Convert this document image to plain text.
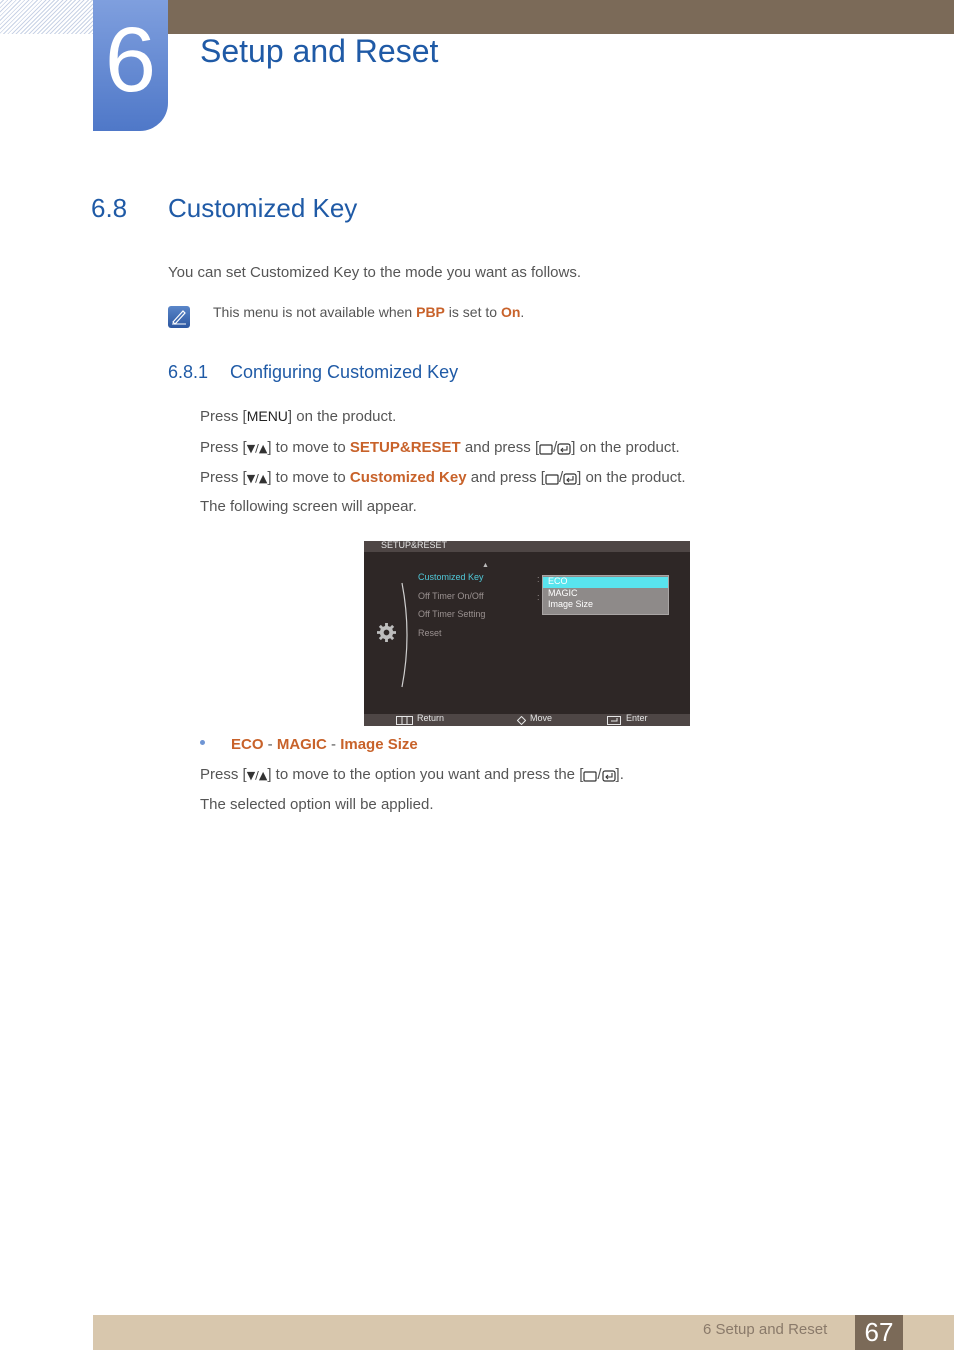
6	Setup and Reset
6.8 Customized Key
You can set Customized Key to the mode you want as follows.
This menu is not available when PBP is set to On.
6.8.1 Configuring Customized Key
Press [MENU] on the product.
Press [▼/▲] to move to SETUP&RESET and press [ / ] on the product.
Press [▼/▲] to move to Customized Key and press [ / ] on the product.
The following screen will appear.
SETUP&RESET
▲
Customized Key
Off Timer On/Off
Off Timer Setting
Reset
:
:
ECO
MAGIC
Image Size
Return	Move	Enter
ECO - MAGIC - Image Size
Press [▼/▲] to move to the option you want and press the [ / ].
The selected option will be applied.
6 Setup and Reset	67
